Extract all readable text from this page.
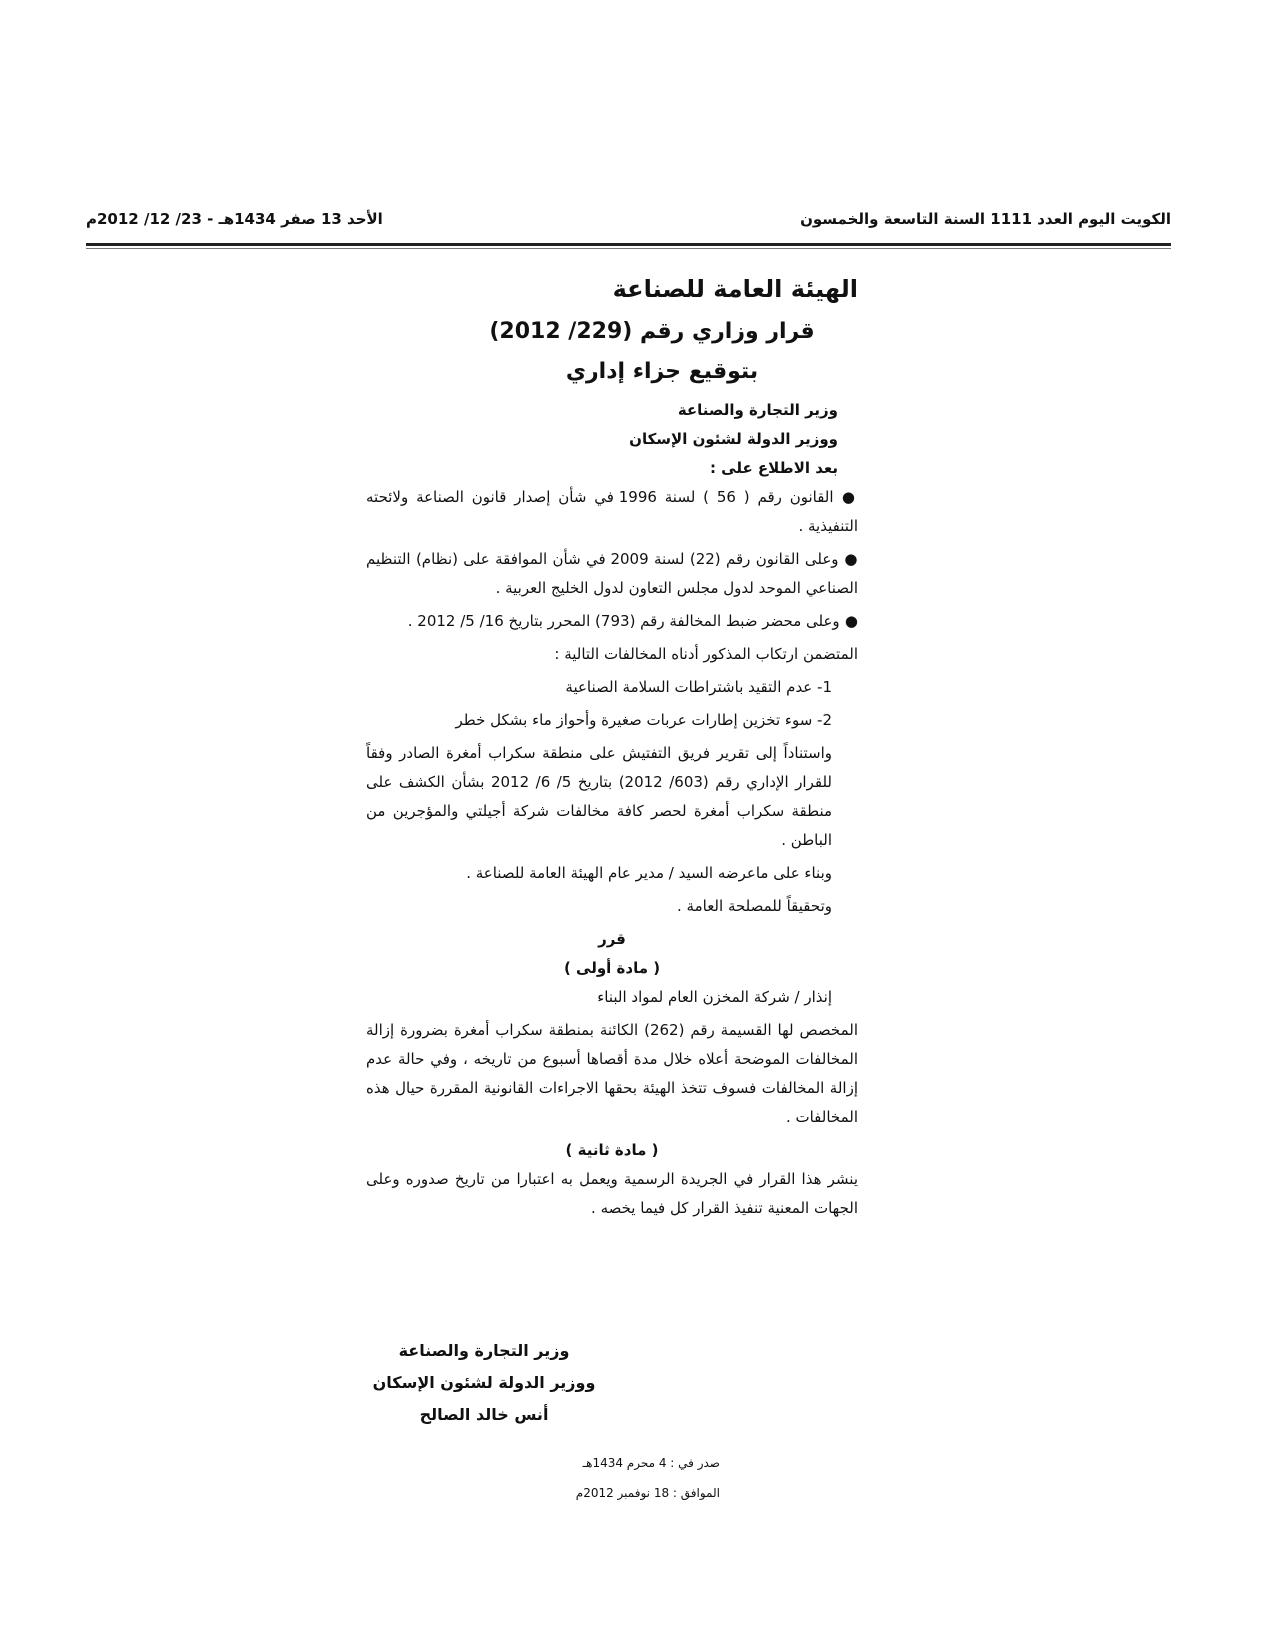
الكويت اليوم العدد 1111 السنة التاسعة والخمسون
الأحد 13 صفر 1434هـ - 23/ 12/ 2012م
الهيئة العامة للصناعة
قرار وزاري رقم (229/ 2012)
بتوقيع جزاء إداري
وزير التجارة والصناعة
ووزير الدولة لشئون الإسكان
بعد الاطلاع على :
● القانون رقم ( 56 ) لسنة 1996 في شأن إصدار قانون الصناعة ولائحته التنفيذية .
● وعلى القانون رقم (22) لسنة 2009 في شأن الموافقة على (نظام) التنظيم الصناعي الموحد لدول مجلس التعاون لدول الخليج العربية .
● وعلى محضر ضبط المخالفة رقم (793) المحرر بتاريخ 16/ 5/ 2012 .
المتضمن ارتكاب المذكور أدناه المخالفات التالية :
1- عدم التقيد باشتراطات السلامة الصناعية
2- سوء تخزين إطارات عربات صغيرة وأحواز ماء بشكل خطر
واستناداً إلى تقرير فريق التفتيش على منطقة سكراب أمغرة الصادر وفقاً للقرار الإداري رقم (603/ 2012) بتاريخ 5/ 6/ 2012 بشأن الكشف على منطقة سكراب أمغرة لحصر كافة مخالفات شركة أجيلتي والمؤجرين من الباطن .
وبناء على ماعرضه السيد / مدير عام الهيئة العامة للصناعة .
وتحقيقاً للمصلحة العامة .
قرر
( مادة أولى )
إنذار / شركة المخزن العام لمواد البناء
المخصص لها القسيمة رقم (262) الكائنة بمنطقة سكراب أمغرة بضرورة إزالة المخالفات الموضحة أعلاه خلال مدة أقصاها أسبوع من تاريخه ، وفي حالة عدم إزالة المخالفات فسوف تتخذ الهيئة بحقها الاجراءات القانونية المقررة حيال هذه المخالفات .
( مادة ثانية )
ينشر هذا القرار في الجريدة الرسمية ويعمل به اعتبارا من تاريخ صدوره وعلى الجهات المعنية تنفيذ القرار كل فيما يخصه .
وزير التجارة والصناعة
ووزير الدولة لشئون الإسكان
أنس خالد الصالح
صدر في : 4 محرم 1434هـ
الموافق : 18 نوفمبر 2012م
